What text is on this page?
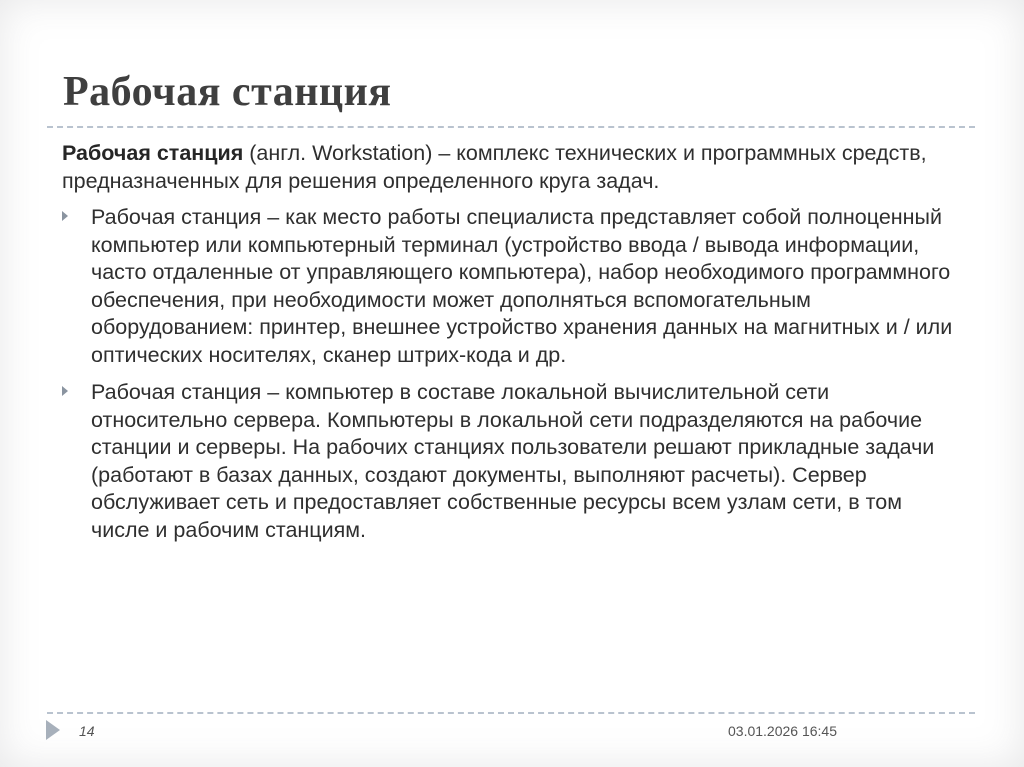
Рабочая станция

Рабочая станция (англ. Workstation) – комплекс технических и программных средств, предназначенных для решения определенного круга задач.

Рабочая станция – как место работы специалиста представляет собой полноценный компьютер или компьютерный терминал (устройство ввода / вывода информации, часто отдаленные от управляющего компьютера), набор необходимого программного обеспечения, при необходимости может дополняться вспомогательным оборудованием: принтер, внешнее устройство хранения данных на магнитных и / или оптических носителях, сканер штрих-кода и др.
Рабочая станция – компьютер в составе локальной вычислительной сети относительно сервера. Компьютеры в локальной сети подразделяются на рабочие станции и серверы. На рабочих станциях пользователи решают прикладные задачи (работают в базах данных, создают документы, выполняют расчеты). Сервер обслуживает сеть и предоставляет собственные ресурсы всем узлам сети, в том числе и рабочим станциям.
14	03.01.2026 16:45
